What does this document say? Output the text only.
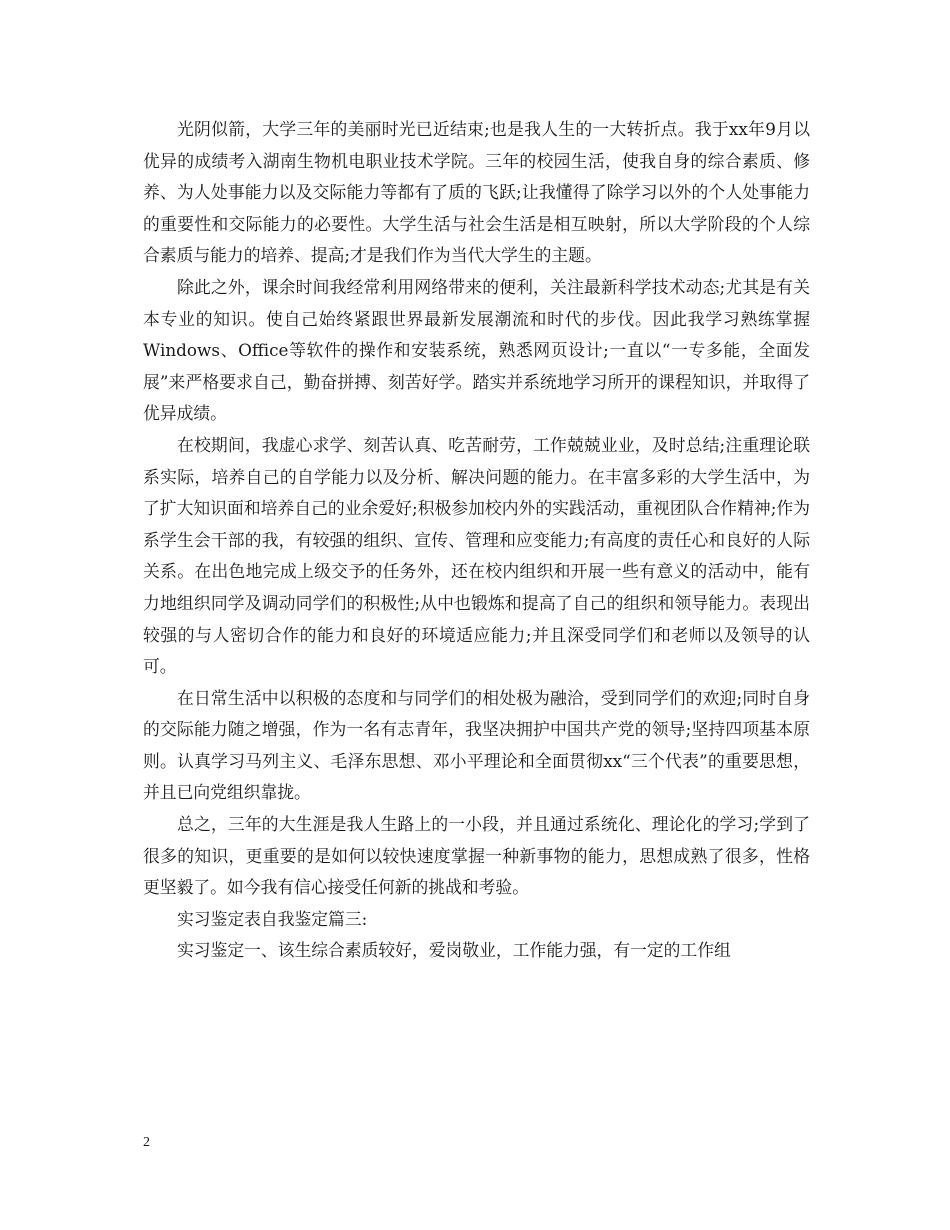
光阴似箭，大学三年的美丽时光已近结束;也是我人生的一大转折点。我于xx年9月以优异的成绩考入湖南生物机电职业技术学院。三年的校园生活，使我自身的综合素质、修养、为人处事能力以及交际能力等都有了质的飞跃;让我懂得了除学习以外的个人处事能力的重要性和交际能力的必要性。大学生活与社会生活是相互映射，所以大学阶段的个人综合素质与能力的培养、提高;才是我们作为当代大学生的主题。

除此之外，课余时间我经常利用网络带来的便利，关注最新科学技术动态;尤其是有关本专业的知识。使自己始终紧跟世界最新发展潮流和时代的步伐。因此我学习熟练掌握Windows、Office等软件的操作和安装系统，熟悉网页设计;一直以“一专多能，全面发展”来严格要求自己，勤奋拼搏、刻苦好学。踏实并系统地学习所开的课程知识，并取得了优异成绩。

在校期间，我虚心求学、刻苦认真、吃苦耐劳，工作兢兢业业，及时总结;注重理论联系实际，培养自己的自学能力以及分析、解决问题的能力。在丰富多彩的大学生活中，为了扩大知识面和培养自己的业余爱好;积极参加校内外的实践活动，重视团队合作精神;作为系学生会干部的我，有较强的组织、宣传、管理和应变能力;有高度的责任心和良好的人际关系。在出色地完成上级交予的任务外，还在校内组织和开展一些有意义的活动中，能有力地组织同学及调动同学们的积极性;从中也锻炼和提高了自己的组织和领导能力。表现出较强的与人密切合作的能力和良好的环境适应能力;并且深受同学们和老师以及领导的认可。

在日常生活中以积极的态度和与同学们的相处极为融洽，受到同学们的欢迎;同时自身的交际能力随之增强，作为一名有志青年，我坚决拥护中国共产党的领导;坚持四项基本原则。认真学习马列主义、毛泽东思想、邓小平理论和全面贯彻xx“三个代表”的重要思想，并且已向党组织靠拢。

总之，三年的大生涯是我人生路上的一小段，并且通过系统化、理论化的学习;学到了很多的知识，更重要的是如何以较快速度掌握一种新事物的能力，思想成熟了很多，性格更坚毅了。如今我有信心接受任何新的挑战和考验。

实习鉴定表自我鉴定篇三:

实习鉴定一、该生综合素质较好，爱岗敬业，工作能力强，有一定的工作组

2
